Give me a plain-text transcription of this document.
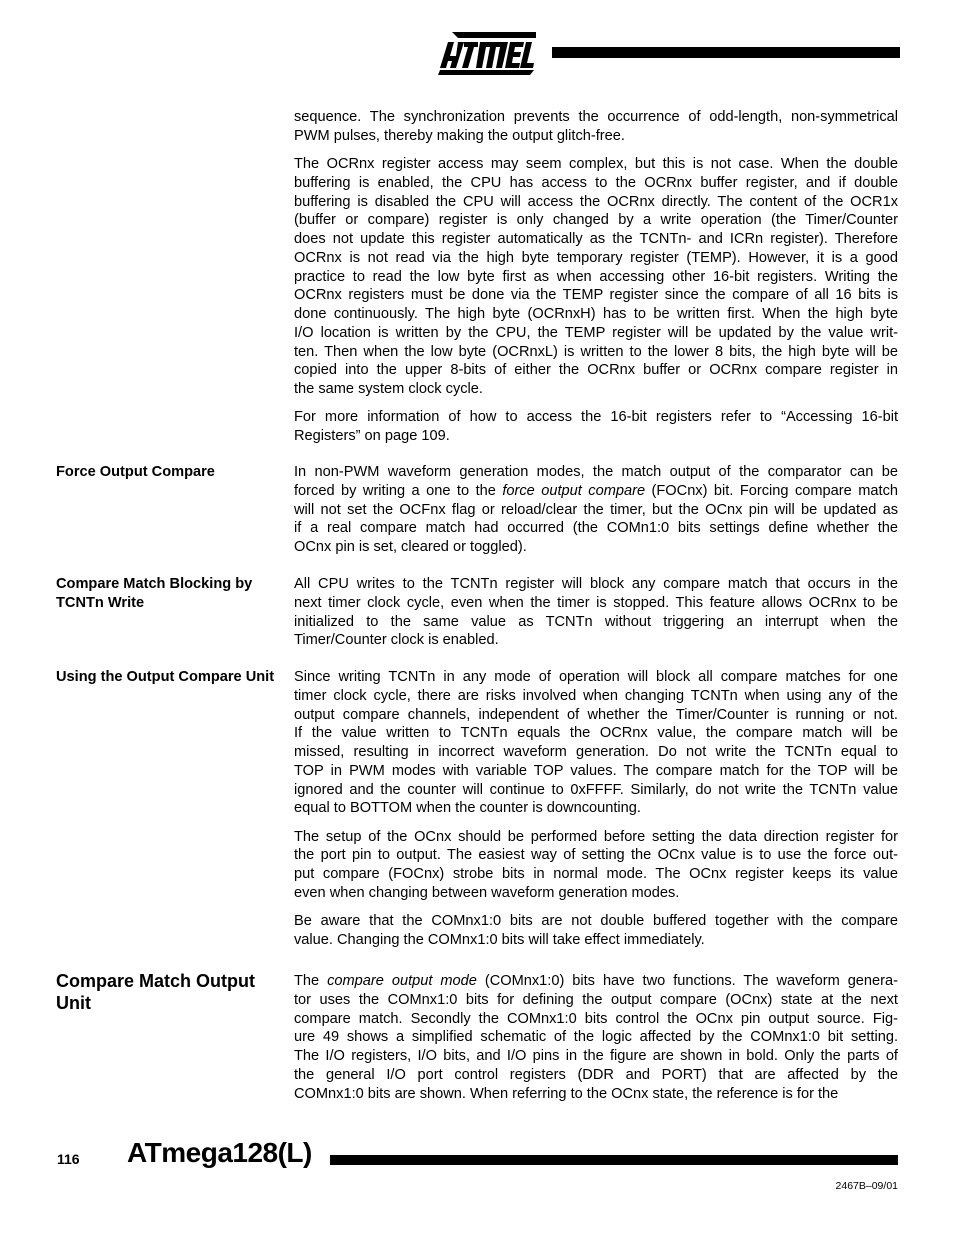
sequence. The synchronization prevents the occurrence of odd-length, non-symmetrical
PWM pulses, thereby making the output glitch-free.
The OCRnx register access may seem complex, but this is not case. When the double
buffering is enabled, the CPU has access to the OCRnx buffer register, and if double
buffering is disabled the CPU will access the OCRnx directly. The content of the OCR1x
(buffer or compare) register is only changed by a write operation (the Timer/Counter
does not update this register automatically as the TCNTn- and ICRn register). Therefore
OCRnx is not read via the high byte temporary register (TEMP). However, it is a good
practice to read the low byte first as when accessing other 16-bit registers. Writing the
OCRnx registers must be done via the TEMP register since the compare of all 16 bits is
done continuously. The high byte (OCRnxH) has to be written first. When the high byte
I/O location is written by the CPU, the TEMP register will be updated by the value writ-
ten. Then when the low byte (OCRnxL) is written to the lower 8 bits, the high byte will be
copied into the upper 8-bits of either the OCRnx buffer or OCRnx compare register in
the same system clock cycle.
For more information of how to access the 16-bit registers refer to “Accessing 16-bit
Registers” on page 109.
Force Output Compare	In non-PWM waveform generation modes, the match output of the comparator can be
forced by writing a one to the force output compare (FOCnx) bit. Forcing compare match
will not set the OCFnx flag or reload/clear the timer, but the OCnx pin will be updated as
if a real compare match had occurred (the COMn1:0 bits settings define whether the
OCnx pin is set, cleared or toggled).
Compare Match Blocking by TCNTn Write
All CPU writes to the TCNTn register will block any compare match that occurs in the
next timer clock cycle, even when the timer is stopped. This feature allows OCRnx to be
initialized to the same value as TCNTn without triggering an interrupt when the
Timer/Counter clock is enabled.
Using the Output Compare Unit	Since writing TCNTn in any mode of operation will block all compare matches for one
timer clock cycle, there are risks involved when changing TCNTn when using any of the
output compare channels, independent of whether the Timer/Counter is running or not.
If the value written to TCNTn equals the OCRnx value, the compare match will be
missed, resulting in incorrect waveform generation. Do not write the TCNTn equal to
TOP in PWM modes with variable TOP values. The compare match for the TOP will be
ignored and the counter will continue to 0xFFFF. Similarly, do not write the TCNTn value
equal to BOTTOM when the counter is downcounting.
The setup of the OCnx should be performed before setting the data direction register for
the port pin to output. The easiest way of setting the OCnx value is to use the force out-
put compare (FOCnx) strobe bits in normal mode. The OCnx register keeps its value
even when changing between waveform generation modes.
Be aware that the COMnx1:0 bits are not double buffered together with the compare
value. Changing the COMnx1:0 bits will take effect immediately.
Compare Match Output Unit
The compare output mode (COMnx1:0) bits have two functions. The waveform genera-
tor uses the COMnx1:0 bits for defining the output compare (OCnx) state at the next
compare match. Secondly the COMnx1:0 bits control the OCnx pin output source. Fig-
ure 49 shows a simplified schematic of the logic affected by the COMnx1:0 bit setting.
The I/O registers, I/O bits, and I/O pins in the figure are shown in bold. Only the parts of
the general I/O port control registers (DDR and PORT) that are affected by the
COMnx1:0 bits are shown. When referring to the OCnx state, the reference is for the
116 ATmega128(L)
2467B–09/01
